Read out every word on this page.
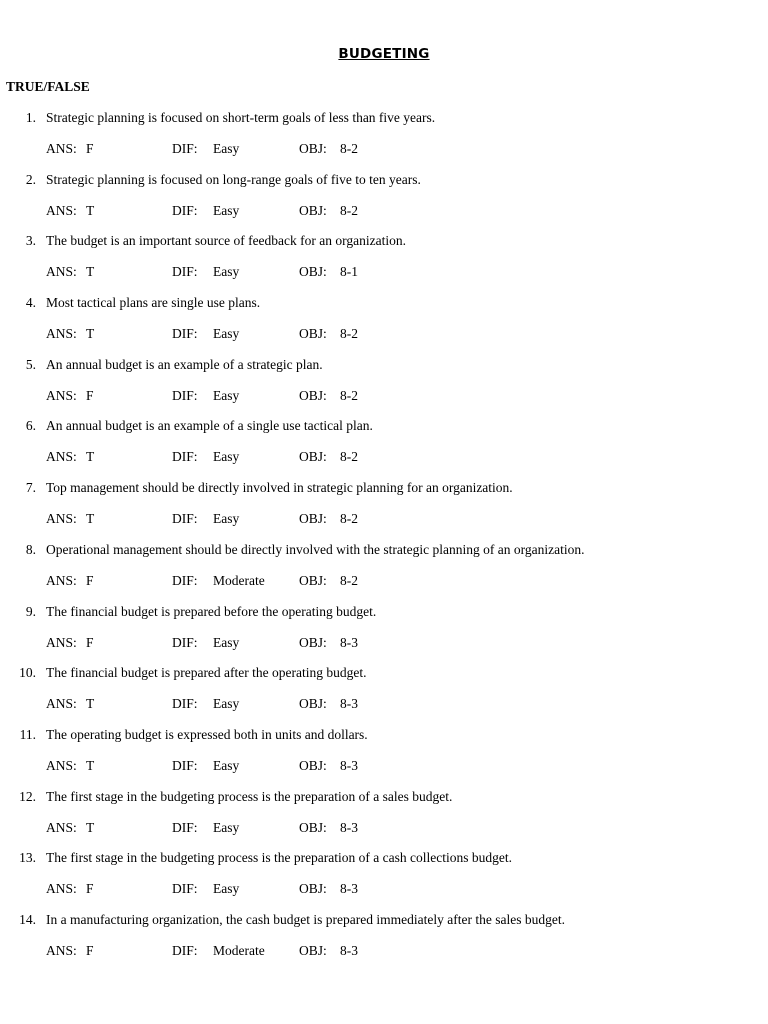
BUDGETING
TRUE/FALSE
1. Strategic planning is focused on short-term goals of less than five years.
ANS: F	DIF: Easy	OBJ: 8-2
2. Strategic planning is focused on long-range goals of five to ten years.
ANS: T	DIF: Easy	OBJ: 8-2
3. The budget is an important source of feedback for an organization.
ANS: T	DIF: Easy	OBJ: 8-1
4. Most tactical plans are single use plans.
ANS: T	DIF: Easy	OBJ: 8-2
5. An annual budget is an example of a strategic plan.
ANS: F	DIF: Easy	OBJ: 8-2
6. An annual budget is an example of a single use tactical plan.
ANS: T	DIF: Easy	OBJ: 8-2
7. Top management should be directly involved in strategic planning for an organization.
ANS: T	DIF: Easy	OBJ: 8-2
8. Operational management should be directly involved with the strategic planning of an organization.
ANS: F	DIF: Moderate	OBJ: 8-2
9. The financial budget is prepared before the operating budget.
ANS: F	DIF: Easy	OBJ: 8-3
10. The financial budget is prepared after the operating budget.
ANS: T	DIF: Easy	OBJ: 8-3
11. The operating budget is expressed both in units and dollars.
ANS: T	DIF: Easy	OBJ: 8-3
12. The first stage in the budgeting process is the preparation of a sales budget.
ANS: T	DIF: Easy	OBJ: 8-3
13. The first stage in the budgeting process is the preparation of a cash collections budget.
ANS: F	DIF: Easy	OBJ: 8-3
14. In a manufacturing organization, the cash budget is prepared immediately after the sales budget.
ANS: F	DIF: Moderate	OBJ: 8-3
